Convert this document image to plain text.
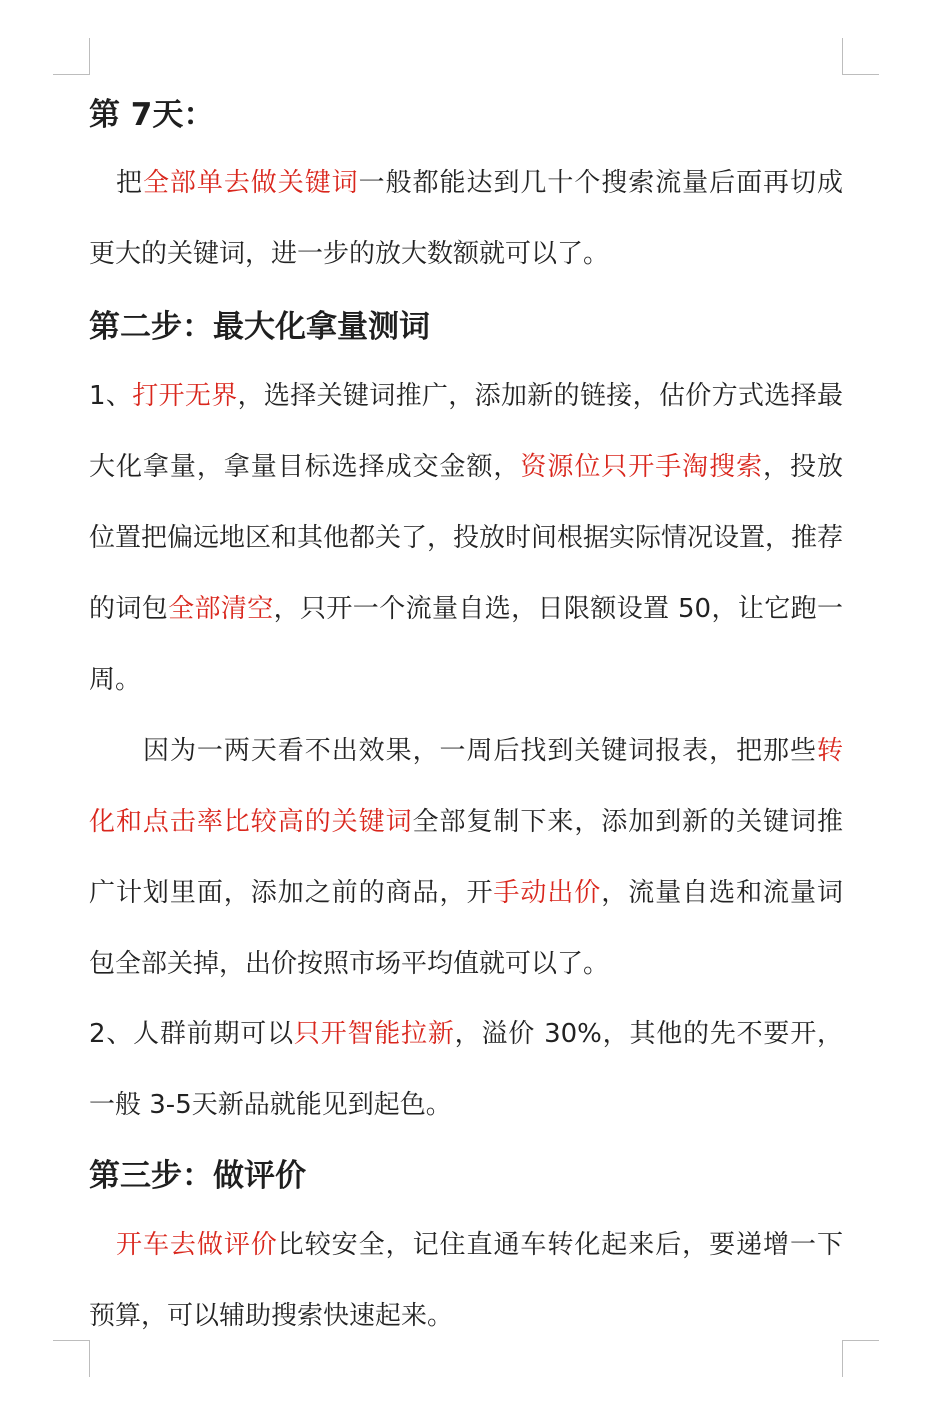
第 7天：

把全部单去做关键词一般都能达到几十个搜索流量后面再切成更大的关键词，进一步的放大数额就可以了。

第二步：最大化拿量测词

1、打开无界，选择关键词推广，添加新的链接，估价方式选择最大化拿量，拿量目标选择成交金额，资源位只开手淘搜索，投放位置把偏远地区和其他都关了，投放时间根据实际情况设置，推荐的词包全部清空，只开一个流量自选，日限额设置 50，让它跑一周。

因为一两天看不出效果，一周后找到关键词报表，把那些转化和点击率比较高的关键词全部复制下来，添加到新的关键词推广计划里面，添加之前的商品，开手动出价，流量自选和流量词包全部关掉，出价按照市场平均值就可以了。

2、人群前期可以只开智能拉新，溢价 30%，其他的先不要开，一般 3-5天新品就能见到起色。

第三步：做评价

开车去做评价比较安全，记住直通车转化起来后，要递增一下预算，可以辅助搜索快速起来。
